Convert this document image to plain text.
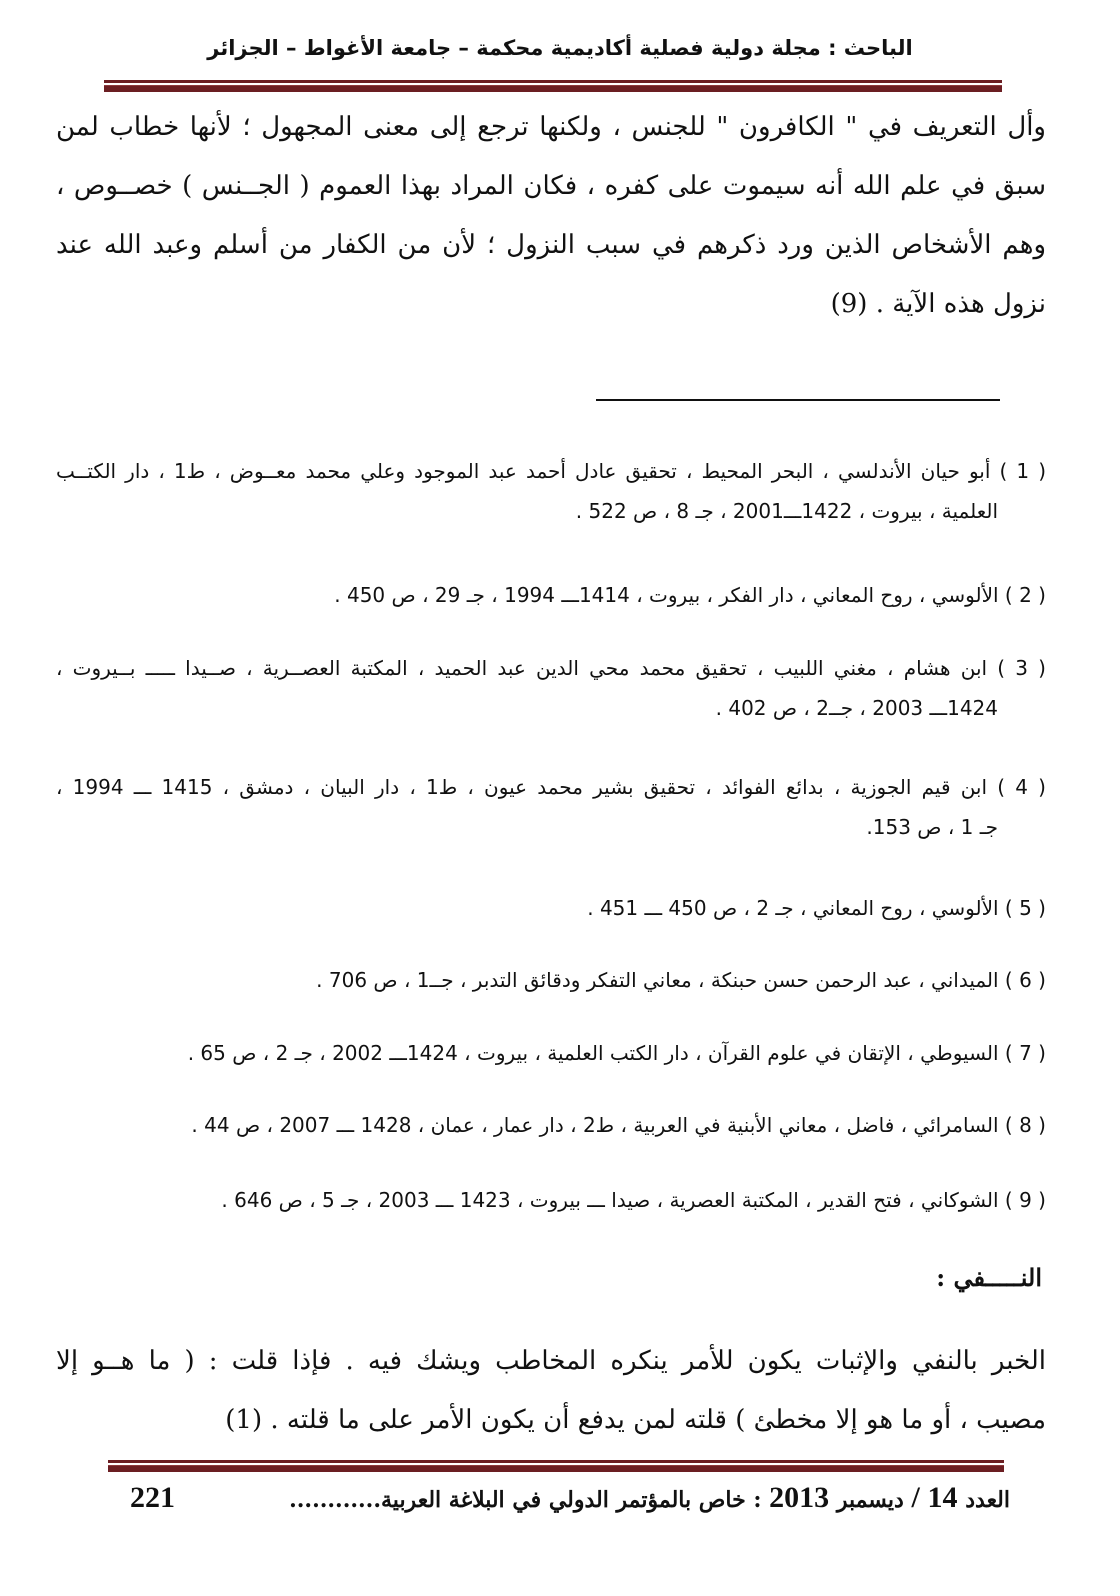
الباحث : مجلة دولية فصلية أكاديمية محكمة – جامعة الأغواط – الجزائر
وأل التعريف في " الكافرون " للجنس ، ولكنها ترجع إلى معنى المجهول ؛ لأنها خطاب لمن
سبق في علم الله أنه سيموت على كفره ، فكان المراد بهذا العموم ( الجــنس ) خصــوص ،
وهم الأشخاص الذين ورد ذكرهم في سبب النزول ؛ لأن من الكفار من أسلم وعبد الله عند
نزول هذه الآية . (9)
( 1 ) أبو حيان الأندلسي ، البحر المحيط ، تحقيق عادل أحمد عبد الموجود وعلي محمد معــوض ، ط1 ، دار الكتــب
العلمية ، بيروت ، 1422ـــ2001 ، جـ 8 ، ص 522 .
( 2 ) الألوسي ، روح المعاني ، دار الفكر ، بيروت ، 1414ـــ 1994 ، جـ 29 ، ص 450 .
( 3 ) ابن هشام ، مغني اللبيب ، تحقيق محمد محي الدين عبد الحميد ، المكتبة العصــرية ، صــيدا ـــــ بــيروت ،
1424ـــ 2003 ، جــ2 ، ص 402 .
( 4 ) ابن قيم الجوزية ، بدائع الفوائد ، تحقيق بشير محمد عيون ، ط1 ، دار البيان ، دمشق ، 1415 ـــ 1994 ،
جـ 1 ، ص 153.
( 5 ) الألوسي ، روح المعاني ، جـ 2 ، ص 450 ـــ 451 .
( 6 ) الميداني ، عبد الرحمن حسن حبنكة ، معاني التفكر ودقائق التدبر ، جــ1 ، ص 706 .
( 7 ) السيوطي ، الإتقان في علوم القرآن ، دار الكتب العلمية ، بيروت ، 1424ـــ 2002 ، جـ 2 ، ص 65 .
( 8 ) السامرائي ، فاضل ، معاني الأبنية في العربية ، ط2 ، دار عمار ، عمان ، 1428 ـــ 2007 ، ص 44 .
( 9 ) الشوكاني ، فتح القدير ، المكتبة العصرية ، صيدا ـــ بيروت ، 1423 ـــ 2003 ، جـ 5 ، ص 646 .
النـــــفي :
الخبر بالنفي والإثبات يكون للأمر ينكره المخاطب ويشك فيه . فإذا قلت : ( ما هــو إلا
مصيب ، أو ما هو إلا مخطئ ) قلته لمن يدفع أن يكون الأمر على ما قلته . (1)
العدد 14 / ديسمبر 2013 : خاص بالمؤتمر الدولي في البلاغة العربية............
221
